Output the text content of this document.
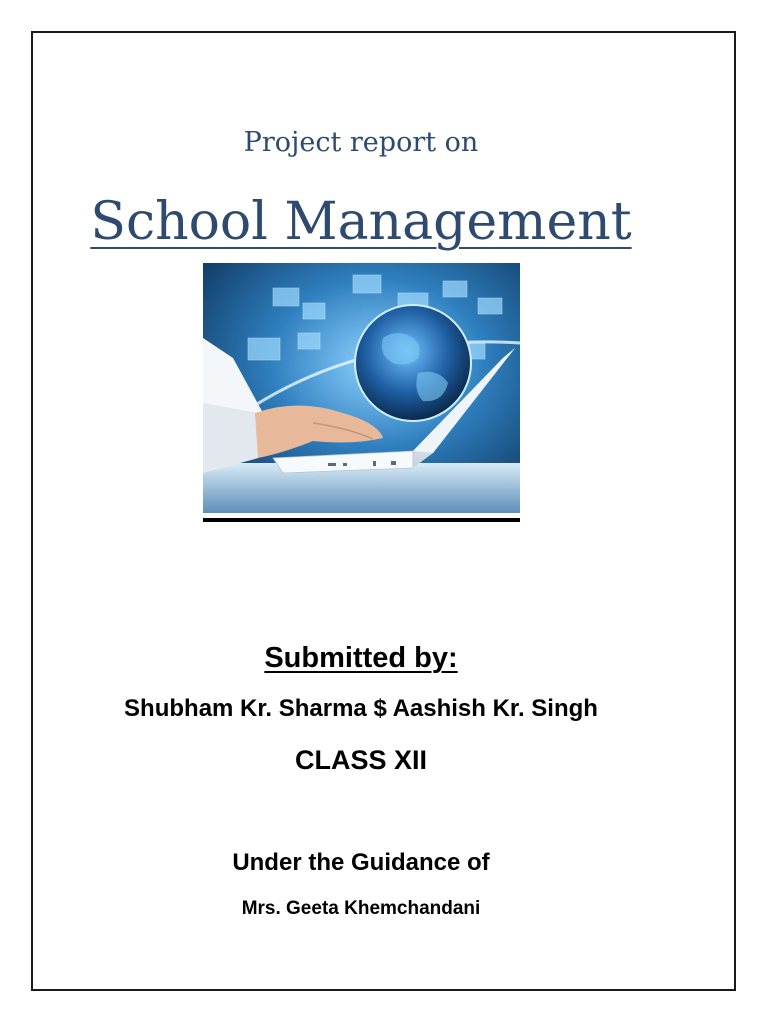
Project report on
School Management
Submitted by:
Shubham Kr. Sharma $ Aashish Kr. Singh
CLASS XII
Under the Guidance of
Mrs. Geeta Khemchandani
